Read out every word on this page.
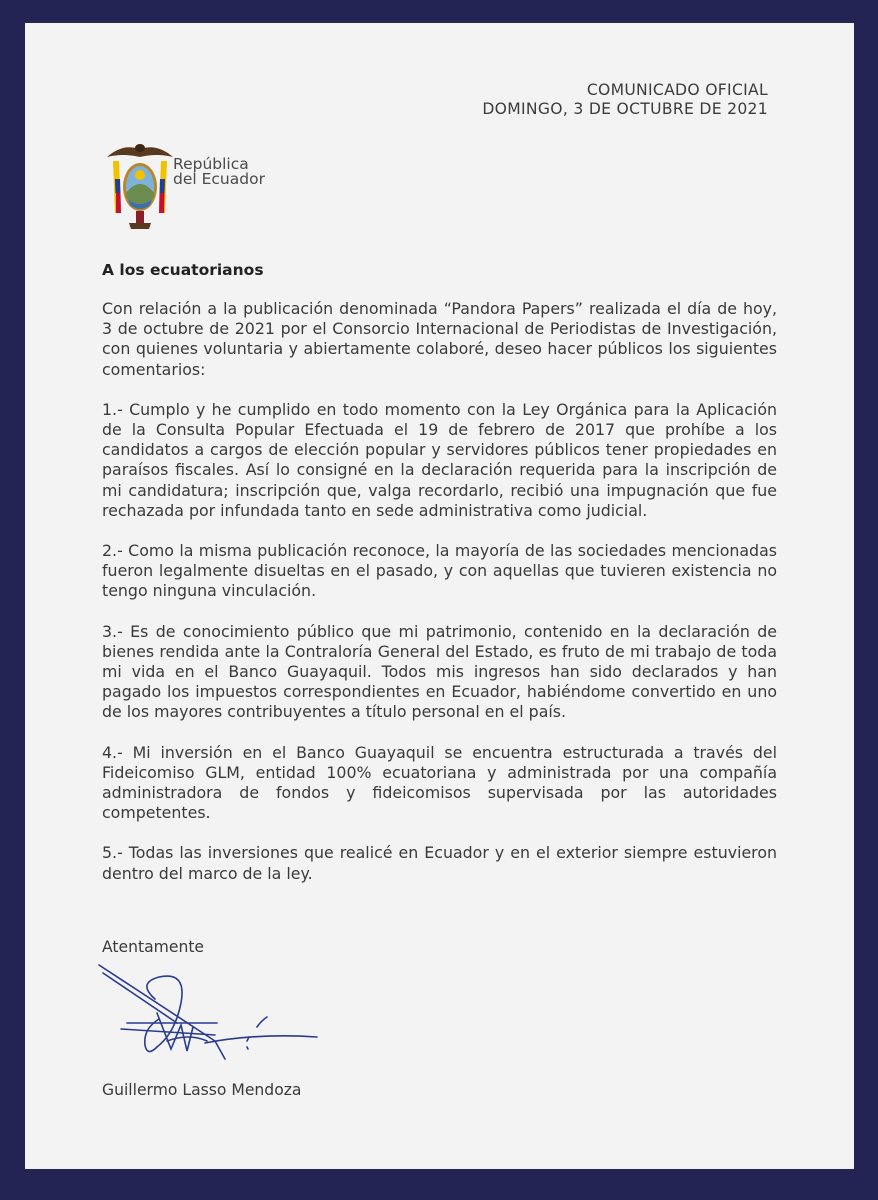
COMUNICADO OFICIAL
DOMINGO, 3 DE OCTUBRE DE 2021
República
del Ecuador
A los ecuatorianos

Con relación a la publicación denominada “Pandora Papers” realizada el día de hoy, 3 de octubre de 2021 por el Consorcio Internacional de Periodistas de Investigación, con quienes voluntaria y abiertamente colaboré, deseo hacer públicos los siguientes comentarios:

1.- Cumplo y he cumplido en todo momento con la Ley Orgánica para la Aplicación de la Consulta Popular Efectuada el 19 de febrero de 2017 que prohíbe a los candidatos a cargos de elección popular y servidores públicos tener propiedades en paraísos fiscales. Así lo consigné en la declaración requerida para la inscripción de mi candidatura; inscripción que, valga recordarlo, recibió una impugnación que fue rechazada por infundada tanto en sede administrativa como judicial.

2.- Como la misma publicación reconoce, la mayoría de las sociedades mencionadas fueron legalmente disueltas en el pasado, y con aquellas que tuvieren existencia no tengo ninguna vinculación.

3.- Es de conocimiento público que mi patrimonio, contenido en la declaración de bienes rendida ante la Contraloría General del Estado, es fruto de mi trabajo de toda mi vida en el Banco Guayaquil. Todos mis ingresos han sido declarados y han pagado los impuestos correspondientes en Ecuador, habiéndome convertido en uno de los mayores contribuyentes a título personal en el país.

4.- Mi inversión en el Banco Guayaquil se encuentra estructurada a través del Fideicomiso GLM, entidad 100% ecuatoriana y administrada por una compañía administradora de fondos y fideicomisos supervisada por las autoridades competentes.

5.- Todas las inversiones que realicé en Ecuador y en el exterior siempre estuvieron dentro del marco de la ley.

Atentamente
Guillermo Lasso Mendoza
